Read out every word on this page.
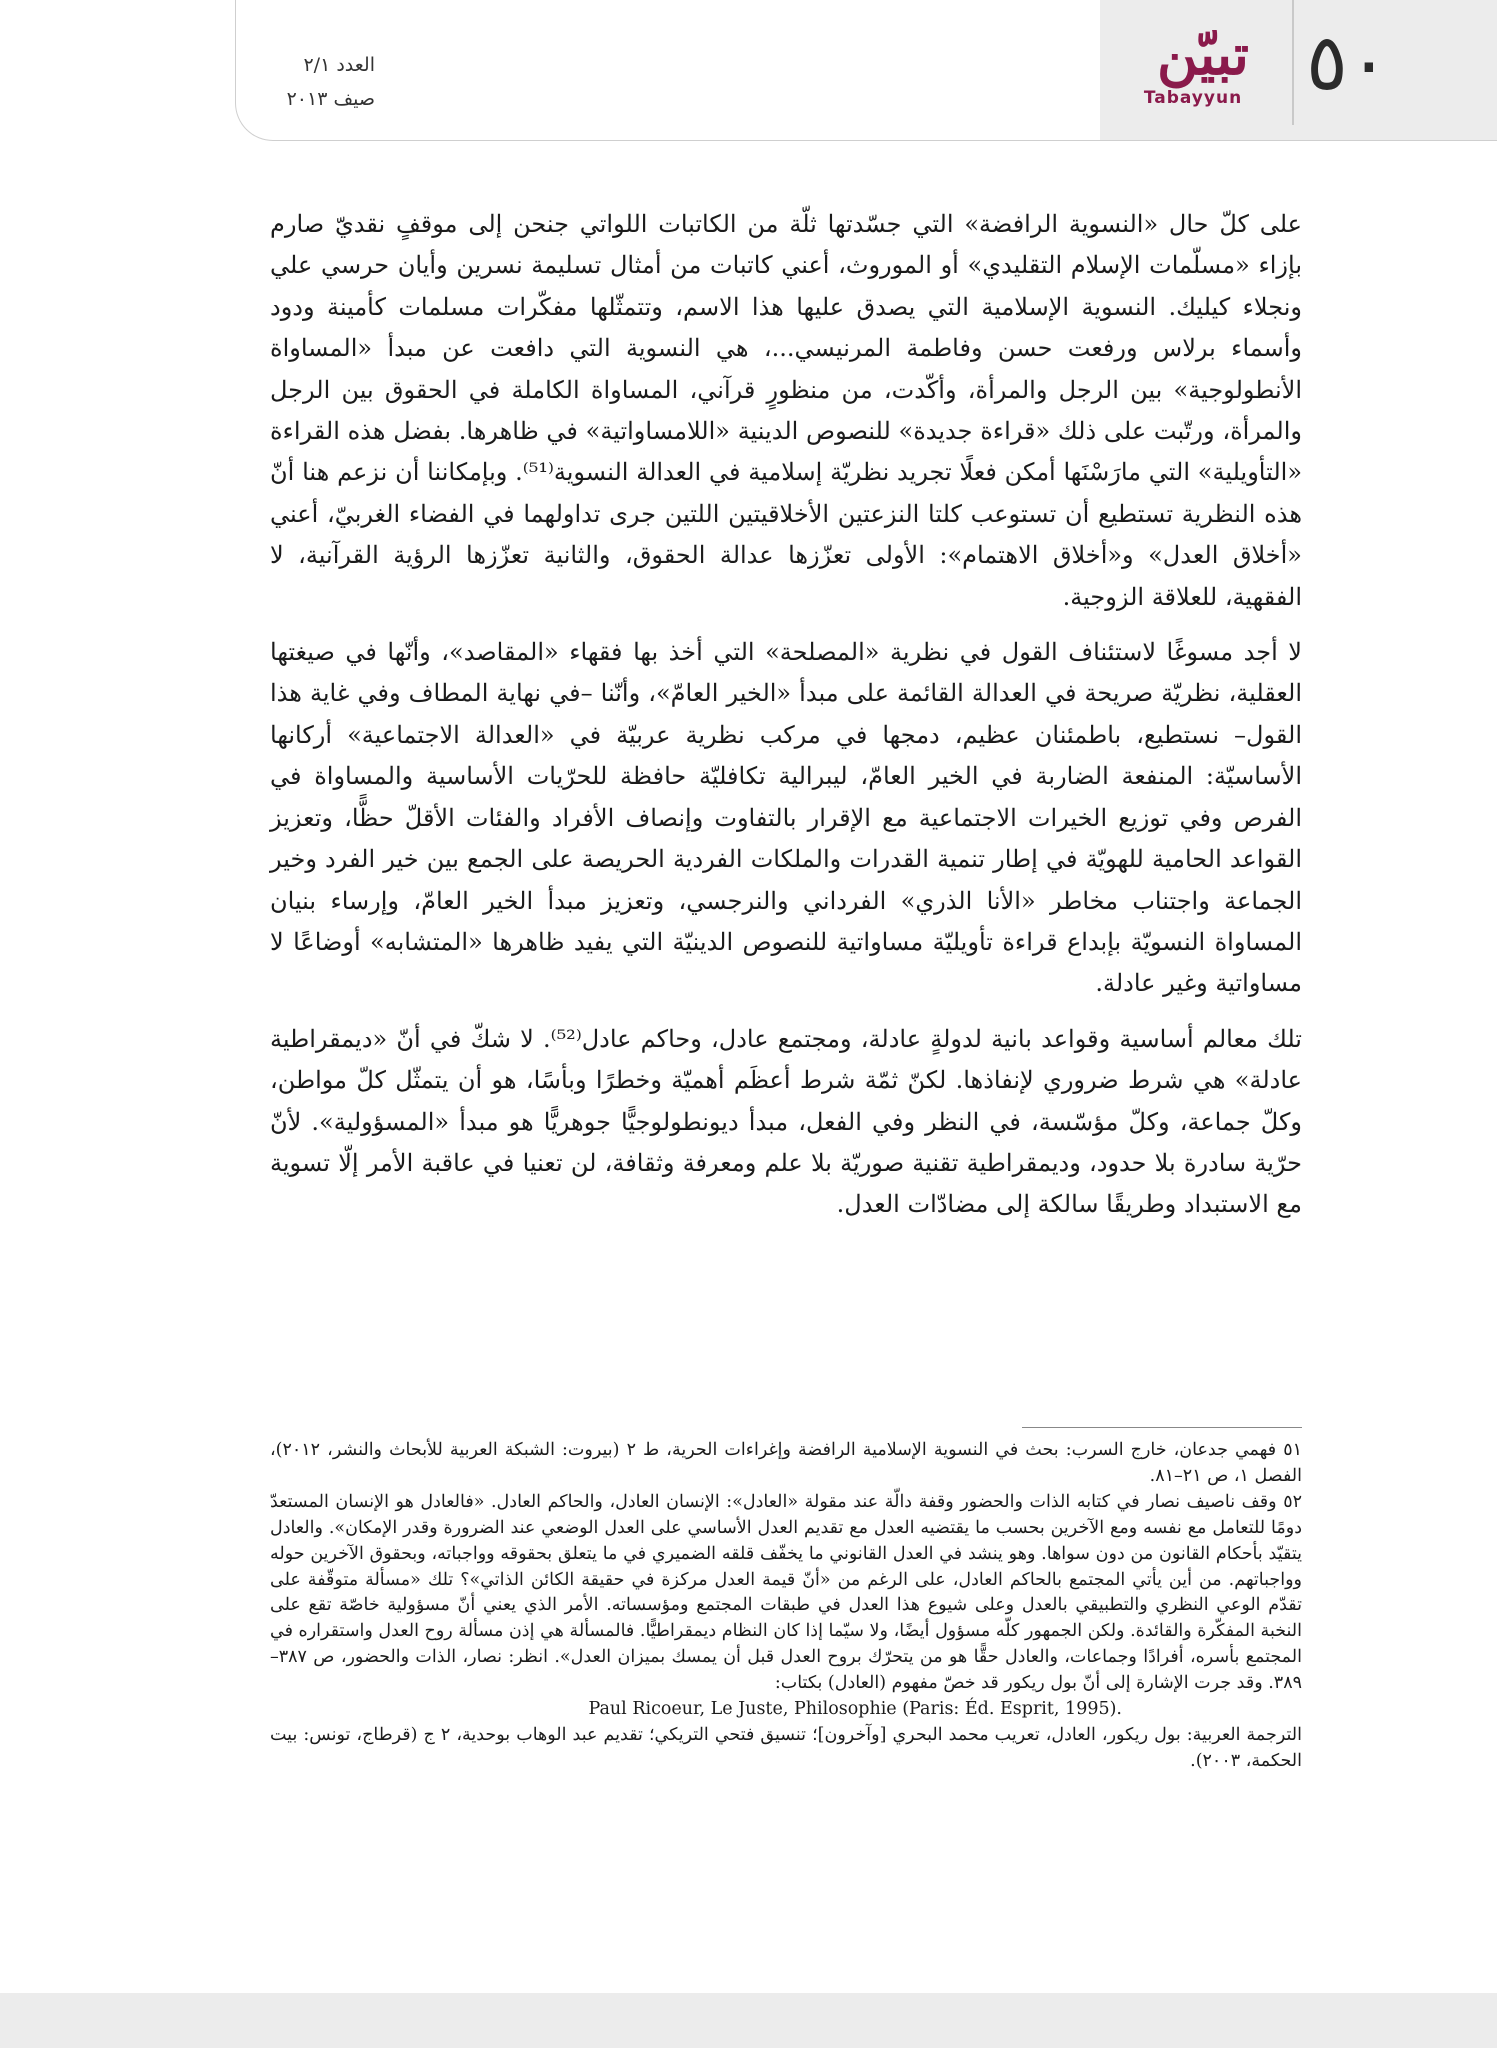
٥٠
تبيّن
Tabayyun
العدد ٢/١
صيف ٢٠١٣

على كلّ حال «النسوية الرافضة» التي جسّدتها ثلّة من الكاتبات اللواتي جنحن إلى موقفٍ نقديّ صارم بإزاء «مسلّمات الإسلام التقليدي» أو الموروث، أعني كاتبات من أمثال تسليمة نسرين وأيان حرسي علي ونجلاء كيليك. النسوية الإسلامية التي يصدق عليها هذا الاسم، وتتمثّلها مفكّرات مسلمات كأمينة ودود وأسماء برلاس ورفعت حسن وفاطمة المرنيسي...، هي النسوية التي دافعت عن مبدأ «المساواة الأنطولوجية» بين الرجل والمرأة، وأكّدت، من منظورٍ قرآني، المساواة الكاملة في الحقوق بين الرجل والمرأة، ورتّبت على ذلك «قراءة جديدة» للنصوص الدينية «اللامساواتية» في ظاهرها. بفضل هذه القراءة «التأويلية» التي مارَسْنَها أمكن فعلًا تجريد نظريّة إسلامية في العدالة النسوية⁽⁵¹⁾. وبإمكاننا أن نزعم هنا أنّ هذه النظرية تستطيع أن تستوعب كلتا النزعتين الأخلاقيتين اللتين جرى تداولهما في الفضاء الغربيّ، أعني «أخلاق العدل» و«أخلاق الاهتمام»: الأولى تعزّزها عدالة الحقوق، والثانية تعزّزها الرؤية القرآنية، لا الفقهية، للعلاقة الزوجية.

لا أجد مسوغًا لاستئناف القول في نظرية «المصلحة» التي أخذ بها فقهاء «المقاصد»، وأنّها في صيغتها العقلية، نظريّة صريحة في العدالة القائمة على مبدأ «الخير العامّ»، وأنّنا –في نهاية المطاف وفي غاية هذا القول– نستطيع، باطمئنان عظيم، دمجها في مركب نظرية عربيّة في «العدالة الاجتماعية» أركانها الأساسيّة: المنفعة الضاربة في الخير العامّ، ليبرالية تكافليّة حافظة للحرّيات الأساسية والمساواة في الفرص وفي توزيع الخيرات الاجتماعية مع الإقرار بالتفاوت وإنصاف الأفراد والفئات الأقلّ حظًّا، وتعزيز القواعد الحامية للهويّة في إطار تنمية القدرات والملكات الفردية الحريصة على الجمع بين خير الفرد وخير الجماعة واجتناب مخاطر «الأنا الذري» الفرداني والنرجسي، وتعزيز مبدأ الخير العامّ، وإرساء بنيان المساواة النسويّة بإبداع قراءة تأويليّة مساواتية للنصوص الدينيّة التي يفيد ظاهرها «المتشابه» أوضاعًا لا مساواتية وغير عادلة.

تلك معالم أساسية وقواعد بانية لدولةٍ عادلة، ومجتمع عادل، وحاكم عادل⁽⁵²⁾. لا شكّ في أنّ «ديمقراطية عادلة» هي شرط ضروري لإنفاذها. لكنّ ثمّة شرط أعظَم أهميّة وخطرًا وبأسًا، هو أن يتمثّل كلّ مواطن، وكلّ جماعة، وكلّ مؤسّسة، في النظر وفي الفعل، مبدأ ديونطولوجيًّا جوهريًّا هو مبدأ «المسؤولية». لأنّ حرّية سادرة بلا حدود، وديمقراطية تقنية صوريّة بلا علم ومعرفة وثقافة، لن تعنيا في عاقبة الأمر إلّا تسوية مع الاستبداد وطريقًا سالكة إلى مضادّات العدل.

٥١ فهمي جدعان، خارج السرب: بحث في النسوية الإسلامية الرافضة وإغراءات الحرية، ط ٢ (بيروت: الشبكة العربية للأبحاث والنشر، ٢٠١٢)، الفصل ١، ص ٢١–٨١.

٥٢ وقف ناصيف نصار في كتابه الذات والحضور وقفة دالّة عند مقولة «العادل»: الإنسان العادل، والحاكم العادل. «فالعادل هو الإنسان المستعدّ دومًا للتعامل مع نفسه ومع الآخرين بحسب ما يقتضيه العدل مع تقديم العدل الأساسي على العدل الوضعي عند الضرورة وقدر الإمكان». والعادل يتقيّد بأحكام القانون من دون سواها. وهو ينشد في العدل القانوني ما يخفّف قلقه الضميري في ما يتعلق بحقوقه وواجباته، وبحقوق الآخرين حوله وواجباتهم. من أين يأتي المجتمع بالحاكم العادل، على الرغم من «أنّ قيمة العدل مركزة في حقيقة الكائن الذاتي»؟ تلك «مسألة متوقّفة على تقدّم الوعي النظري والتطبيقي بالعدل وعلى شيوع هذا العدل في طبقات المجتمع ومؤسساته. الأمر الذي يعني أنّ مسؤولية خاصّة تقع على النخبة المفكّرة والقائدة. ولكن الجمهور كلّه مسؤول أيضًا، ولا سيّما إذا كان النظام ديمقراطيًّا. فالمسألة هي إذن مسألة روح العدل واستقراره في المجتمع بأسره، أفرادًا وجماعات، والعادل حقًّا هو من يتحرّك بروح العدل قبل أن يمسك بميزان العدل». انظر: نصار، الذات والحضور، ص ٣٨٧–٣٨٩. وقد جرت الإشارة إلى أنّ بول ريكور قد خصّ مفهوم (العادل) بكتاب:

Paul Ricoeur, Le Juste, Philosophie (Paris: Éd. Esprit, 1995).

الترجمة العربية: بول ريكور، العادل، تعريب محمد البحري [وآخرون]؛ تنسيق فتحي التريكي؛ تقديم عبد الوهاب بوحدية، ٢ ج (قرطاج، تونس: بيت الحكمة، ٢٠٠٣).
